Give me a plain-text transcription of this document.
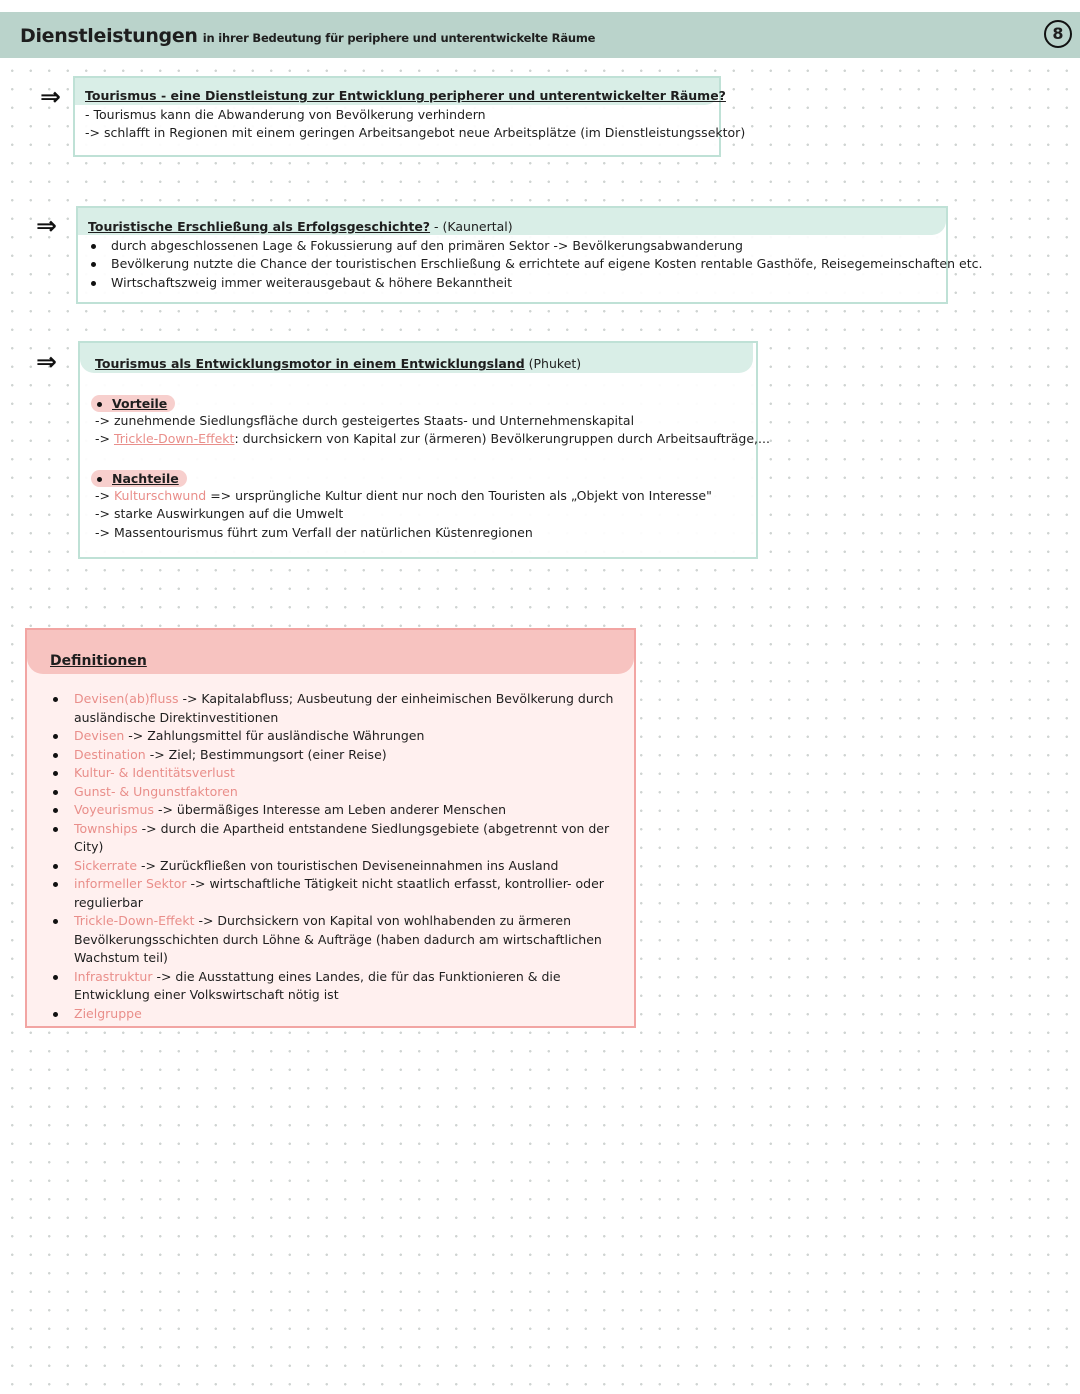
Dienstleistungen in ihrer Bedeutung für periphere und unterentwickelte Räume	8
⇒ Tourismus - eine Dienstleistung zur Entwicklung peripherer und unterentwickelter Räume?
- Tourismus kann die Abwanderung von Bevölkerung verhindern
-> schlafft in Regionen mit einem geringen Arbeitsangebot neue Arbeitsplätze (im Dienstleistungssektor)
⇒ Touristische Erschließung als Erfolgsgeschichte? - (Kaunertal)
durch abgeschlossenen Lage & Fokussierung auf den primären Sektor -> Bevölkerungsabwanderung
Bevölkerung nutzte die Chance der touristischen Erschließung & errichtete auf eigene Kosten rentable Gasthöfe, Reisegemeinschaften etc.
Wirtschaftszweig immer weiterausgebaut & höhere Bekanntheit
⇒	Tourismus als Entwicklungsmotor in einem Entwicklungsland (Phuket)
Vorteile
-> zunehmende Siedlungsfläche durch gesteigertes Staats- und Unternehmenskapital
-> Trickle-Down-Effekt: durchsickern von Kapital zur (ärmeren) Bevölkerungruppen durch Arbeitsaufträge,...
Nachteile
-> Kulturschwund => ursprüngliche Kultur dient nur noch den Touristen als „Objekt von Interesse"
-> starke Auswirkungen auf die Umwelt
-> Massentourismus führt zum Verfall der natürlichen Küstenregionen
Definitionen
Devisen(ab)fluss -> Kapitalabfluss; Ausbeutung der einheimischen Bevölkerung durch ausländische Direktinvestitionen
Devisen -> Zahlungsmittel für ausländische Währungen
Destination -> Ziel; Bestimmungsort (einer Reise)
Kultur- & Identitätsverlust
Gunst- & Ungunstfaktoren
Voyeurismus -> übermäßiges Interesse am Leben anderer Menschen
Townships -> durch die Apartheid entstandene Siedlungsgebiete (abgetrennt von der City)
Sickerrate -> Zurückfließen von touristischen Deviseneinnahmen ins Ausland
informeller Sektor -> wirtschaftliche Tätigkeit nicht staatlich erfasst, kontrollier- oder regulierbar
Trickle-Down-Effekt -> Durchsickern von Kapital von wohlhabenden zu ärmeren Bevölkerungsschichten durch Löhne & Aufträge (haben dadurch am wirtschaftlichen Wachstum teil)
Infrastruktur -> die Ausstattung eines Landes, die für das Funktionieren & die Entwicklung einer Volkswirtschaft nötig ist
Zielgruppe
